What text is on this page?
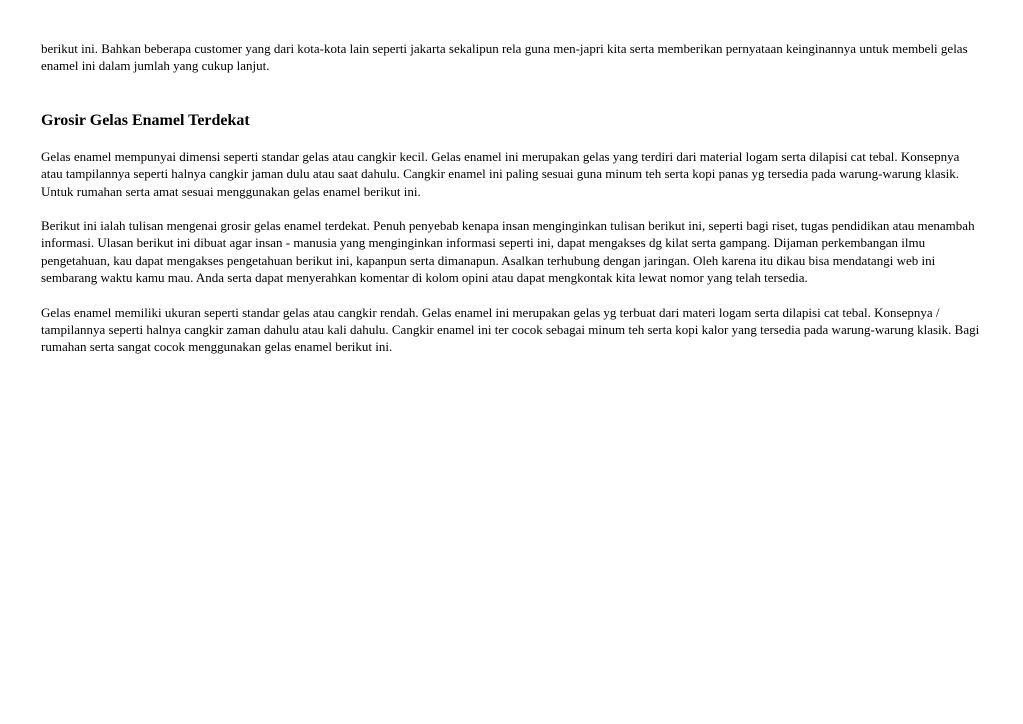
berikut ini. Bahkan beberapa customer yang dari kota-kota lain seperti jakarta sekalipun rela guna men-japri kita serta memberikan pernyataan keinginannya untuk membeli gelas enamel ini dalam jumlah yang cukup lanjut.

Grosir Gelas Enamel Terdekat

Gelas enamel mempunyai dimensi seperti standar gelas atau cangkir kecil. Gelas enamel ini merupakan gelas yang terdiri dari material logam serta dilapisi cat tebal. Konsepnya atau tampilannya seperti halnya cangkir jaman dulu atau saat dahulu. Cangkir enamel ini paling sesuai guna minum teh serta kopi panas yg tersedia pada warung-warung klasik. Untuk rumahan serta amat sesuai menggunakan gelas enamel berikut ini.

Berikut ini ialah tulisan mengenai grosir gelas enamel terdekat. Penuh penyebab kenapa insan menginginkan tulisan berikut ini, seperti bagi riset, tugas pendidikan atau menambah informasi. Ulasan berikut ini dibuat agar insan - manusia yang menginginkan informasi seperti ini, dapat mengakses dg kilat serta gampang. Dijaman perkembangan ilmu pengetahuan, kau dapat mengakses pengetahuan berikut ini, kapanpun serta dimanapun. Asalkan terhubung dengan jaringan. Oleh karena itu dikau bisa mendatangi web ini sembarang waktu kamu mau. Anda serta dapat menyerahkan komentar di kolom opini atau dapat mengkontak kita lewat nomor yang telah tersedia.

Gelas enamel memiliki ukuran seperti standar gelas atau cangkir rendah. Gelas enamel ini merupakan gelas yg terbuat dari materi logam serta dilapisi cat tebal. Konsepnya / tampilannya seperti halnya cangkir zaman dahulu atau kali dahulu. Cangkir enamel ini ter cocok sebagai minum teh serta kopi kalor yang tersedia pada warung-warung klasik. Bagi rumahan serta sangat cocok menggunakan gelas enamel berikut ini.
